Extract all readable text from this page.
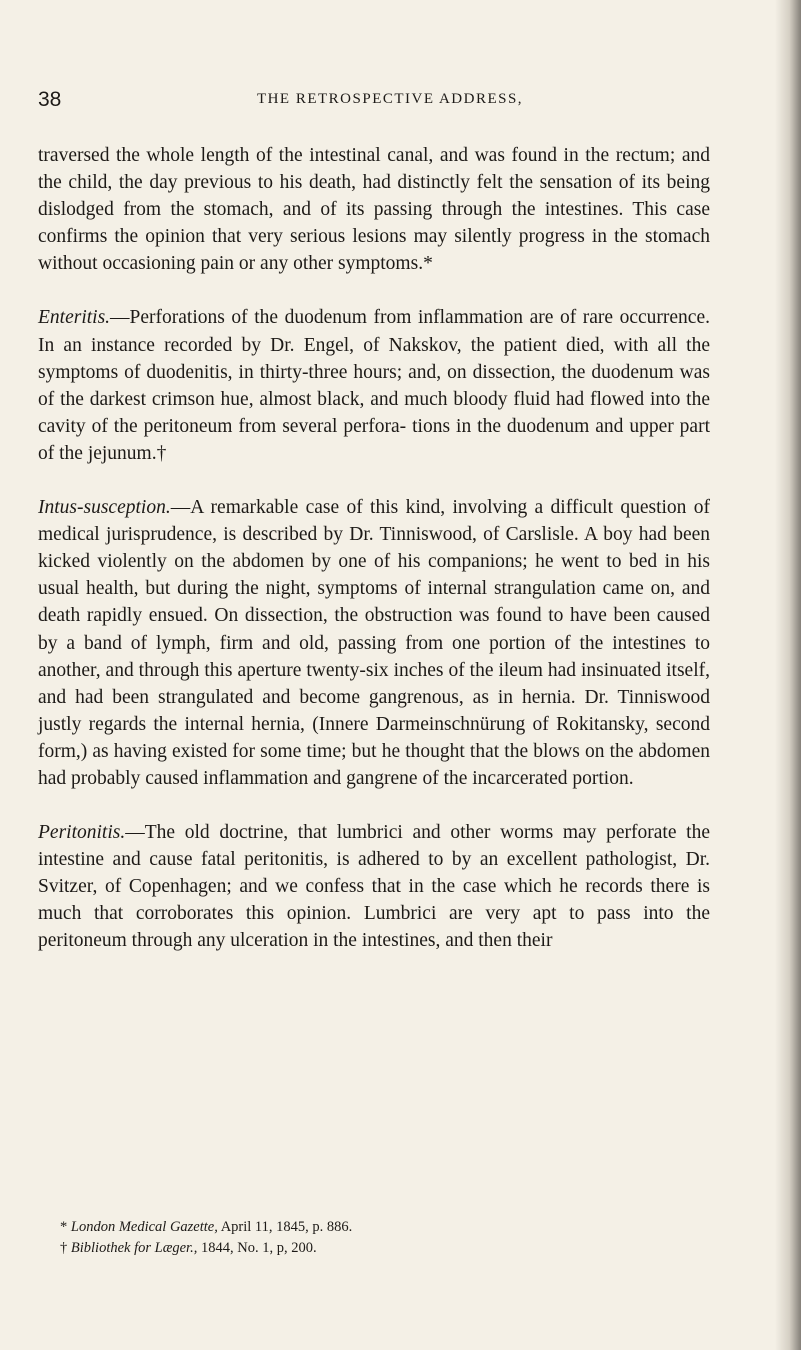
38	THE RETROSPECTIVE ADDRESS,

traversed the whole length of the intestinal canal, and was found in the rectum; and the child, the day previous to his death, had distinctly felt the sensation of its being dislodged from the stomach, and of its passing through the intestines. This case confirms the opinion that very serious lesions may silently progress in the stomach without occasioning pain or any other symptoms.*

Enteritis.—Perforations of the duodenum from inflammation are of rare occurrence. In an instance recorded by Dr. Engel, of Nakskov, the patient died, with all the symptoms of duodenitis, in thirty-three hours; and, on dissection, the duodenum was of the darkest crimson hue, almost black, and much bloody fluid had flowed into the cavity of the peritoneum from several perfora- tions in the duodenum and upper part of the jejunum.†

Intus-susception.—A remarkable case of this kind, involving a difficult question of medical jurisprudence, is described by Dr. Tinniswood, of Carslisle. A boy had been kicked violently on the abdomen by one of his companions; he went to bed in his usual health, but during the night, symptoms of internal strangulation came on, and death rapidly ensued. On dissection, the obstruction was found to have been caused by a band of lymph, firm and old, passing from one portion of the intestines to another, and through this aperture twenty-six inches of the ileum had insinuated itself, and had been strangulated and become gangrenous, as in hernia. Dr. Tinniswood justly regards the internal hernia, (Innere Darmeinschnürung of Rokitansky, second form,) as having existed for some time; but he thought that the blows on the abdomen had probably caused inflammation and gangrene of the incarcerated portion.

Peritonitis.—The old doctrine, that lumbrici and other worms may perforate the intestine and cause fatal peritonitis, is adhered to by an excellent pathologist, Dr. Svitzer, of Copenhagen; and we confess that in the case which he records there is much that corroborates this opinion. Lumbrici are very apt to pass into the peritoneum through any ulceration in the intestines, and then their

* London Medical Gazette, April 11, 1845, p. 886.

† Bibliothek for Læger., 1844, No. 1, p, 200.
